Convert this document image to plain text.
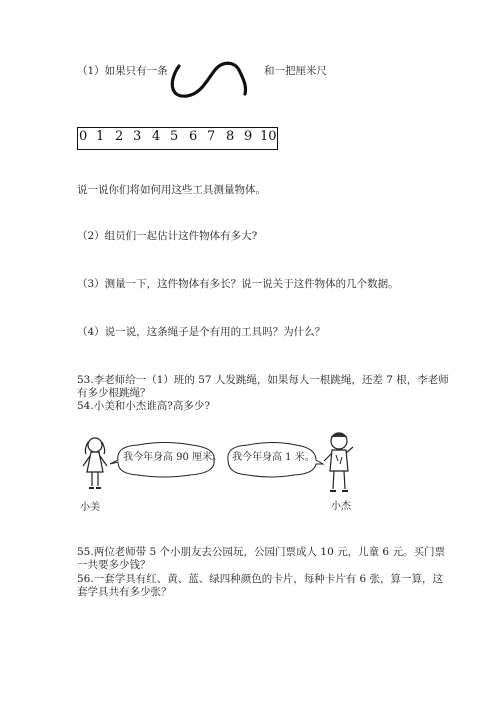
（1）如果只有一条	和一把厘米尺
0 1 2 3 4 5 6 7 8 9 10
说一说你们将如何用这些工具测量物体。
（2）组员们一起估计这件物体有多大?
（3）测量一下，这件物体有多长？说一说关于这件物体的几个数据。
（4）说一说，这条绳子是个有用的工具吗？为什么？
53.李老师给一（1）班的 57 人发跳绳，如果每人一根跳绳，还差 7 根，李老师
有多少根跳绳？
54.小美和小杰谁高?高多少?
小美
我今年身高 90 厘米。 我今年身高 1 米。
小杰
55.两位老师带 5 个小朋友去公园玩，公园门票成人 10 元，儿童 6 元。买门票
一共要多少钱？
56.一套学具有红、黄、蓝、绿四种颜色的卡片，每种卡片有 6 张，算一算，这
套学具共有多少张？
